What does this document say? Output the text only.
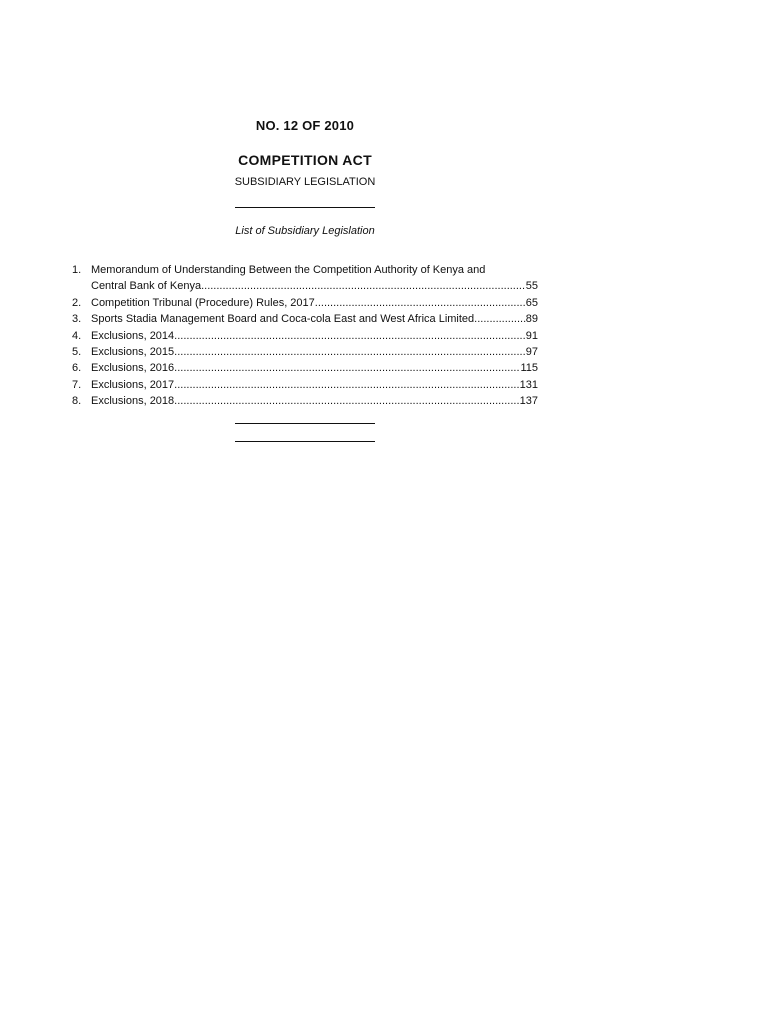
NO. 12 OF 2010
COMPETITION ACT
SUBSIDIARY LEGISLATION
List of Subsidiary Legislation
1. Memorandum of Understanding Between the Competition Authority of Kenya and
Central Bank of Kenya .....	55
2. Competition Tribunal (Procedure) Rules, 2017 .....	65
3. Sports Stadia Management Board and Coca-cola East and West Africa Limited .....	89
4. Exclusions, 2014 .....	91
5. Exclusions, 2015 .....	97
6. Exclusions, 2016 .....	115
7. Exclusions, 2017 .....	131
8. Exclusions, 2018 .....	137
